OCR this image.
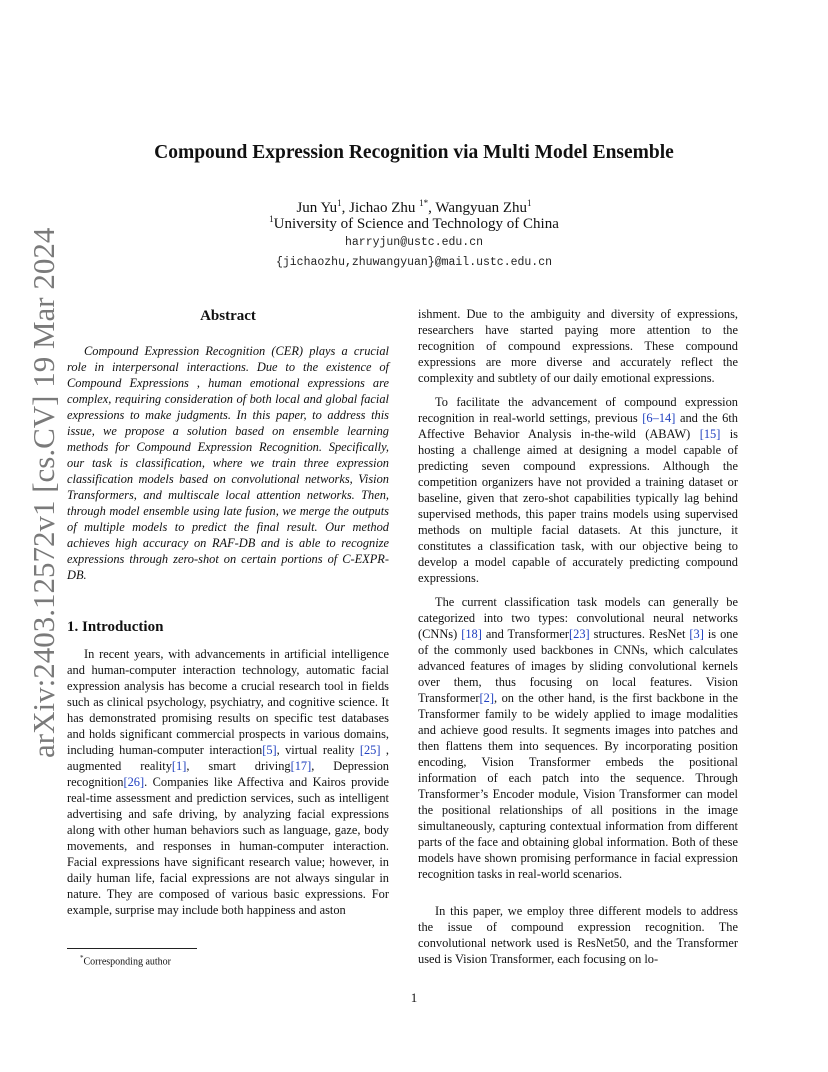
arXiv:2403.12572v1 [cs.CV] 19 Mar 2024
Compound Expression Recognition via Multi Model Ensemble
Jun Yu$^1$, Jichao Zhu $^{1*}$, Wangyuan Zhu$^1$
$^1$University of Science and Technology of China
harryjun@ustc.edu.cn
{jichaozhu,zhuwangyuan}@mail.ustc.edu.cn
Abstract

Compound Expression Recognition (CER) plays a crucial role in interpersonal interactions. Due to the existence of Compound Expressions , human emotional expressions are complex, requiring consideration of both local and global facial expressions to make judgments. In this paper, to address this issue, we propose a solution based on ensemble learning methods for Compound Expression Recognition. Specifically, our task is classification, where we train three expression classification models based on convolutional networks, Vision Transformers, and multiscale local attention networks. Then, through model ensemble using late fusion, we merge the outputs of multiple models to predict the final result. Our method achieves high accuracy on RAF-DB and is able to recognize expressions through zero-shot on certain portions of C-EXPR-DB.

1. Introduction

In recent years, with advancements in artificial intelligence and human-computer interaction technology, automatic facial expression analysis has become a crucial research tool in fields such as clinical psychology, psychiatry, and cognitive science. It has demonstrated promising results on specific test databases and holds significant commercial prospects in various domains, including human-computer interaction[5], virtual reality [25] , augmented reality[1], smart driving[17], Depression recognition[26]. Companies like Affectiva and Kairos provide real-time assessment and prediction services, such as intelligent advertising and safe driving, by analyzing facial expressions along with other human behaviors such as language, gaze, body movements, and responses in human-computer interaction. Facial expressions have significant research value; however, in daily human life, facial expressions are not always singular in nature. They are composed of various basic expressions. For example, surprise may include both happiness and aston

ishment. Due to the ambiguity and diversity of expressions, researchers have started paying more attention to the recognition of compound expressions. These compound expressions are more diverse and accurately reflect the complexity and subtlety of our daily emotional expressions.

To facilitate the advancement of compound expression recognition in real-world settings, previous [6–14] and the 6th Affective Behavior Analysis in-the-wild (ABAW) [15] is hosting a challenge aimed at designing a model capable of predicting seven compound expressions. Although the competition organizers have not provided a training dataset or baseline, given that zero-shot capabilities typically lag behind supervised methods, this paper trains models using supervised methods on multiple facial datasets. At this juncture, it constitutes a classification task, with our objective being to develop a model capable of accurately predicting compound expressions.

The current classification task models can generally be categorized into two types: convolutional neural networks (CNNs) [18] and Transformer[23] structures. ResNet [3] is one of the commonly used backbones in CNNs, which calculates advanced features of images by sliding convolutional kernels over them, thus focusing on local features. Vision Transformer[2], on the other hand, is the first backbone in the Transformer family to be widely applied to image modalities and achieve good results. It segments images into patches and then flattens them into sequences. By incorporating position encoding, Vision Transformer embeds the positional information of each patch into the sequence. Through Transformer’s Encoder module, Vision Transformer can model the positional relationships of all positions in the image simultaneously, capturing contextual information from different parts of the face and obtaining global information. Both of these models have shown promising performance in facial expression recognition tasks in real-world scenarios.

In this paper, we employ three different models to address the issue of compound expression recognition. The convolutional network used is ResNet50, and the Transformer used is Vision Transformer, each focusing on lo-

*Corresponding author
1
